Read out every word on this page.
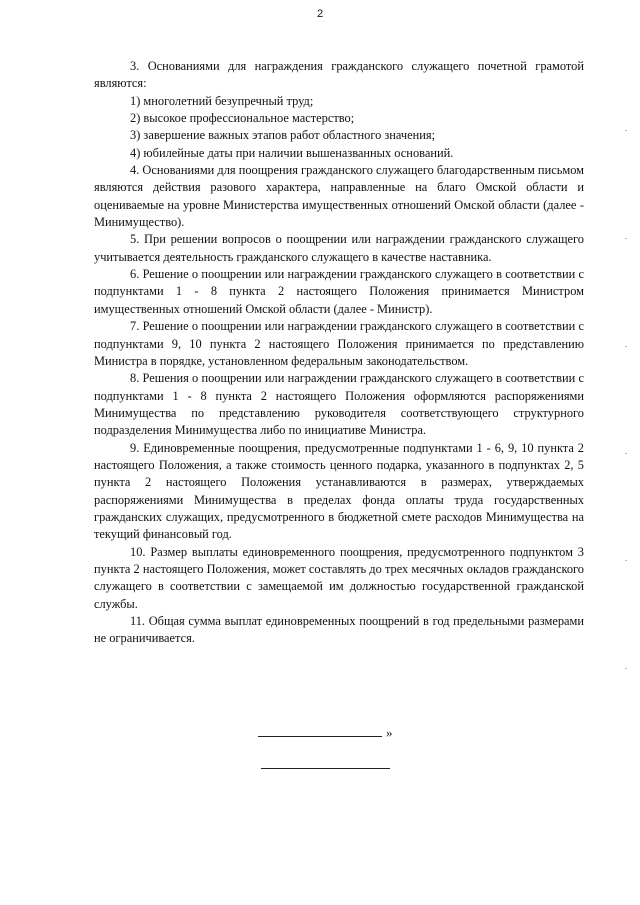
2

3. Основаниями для награждения гражданского служащего почетной грамотой являются:

1) многолетний безупречный труд;

2) высокое профессиональное мастерство;

3) завершение важных этапов работ областного значения;

4) юбилейные даты при наличии вышеназванных оснований.

4. Основаниями для поощрения гражданского служащего благодарственным письмом являются действия разового характера, направленные на благо Омской области и оцениваемые на уровне Министерства имущественных отношений Омской области (далее - Минимущество).

5. При решении вопросов о поощрении или награждении гражданского служащего учитывается деятельность гражданского служащего в качестве наставника.

6. Решение о поощрении или награждении гражданского служащего в соответствии с подпунктами 1 - 8 пункта 2 настоящего Положения принимается Министром имущественных отношений Омской области (далее - Министр).

7. Решение о поощрении или награждении гражданского служащего в соответствии с подпунктами 9, 10 пункта 2 настоящего Положения принимается по представлению Министра в порядке, установленном федеральным законодательством.

8. Решения о поощрении или награждении гражданского служащего в соответствии с подпунктами 1 - 8 пункта 2 настоящего Положения оформляются распоряжениями Минимущества по представлению руководителя соответствующего структурного подразделения Минимущества либо по инициативе Министра.

9. Единовременные поощрения, предусмотренные подпунктами 1 - 6, 9, 10 пункта 2 настоящего Положения, а также стоимость ценного подарка, указанного в подпунктах 2, 5 пункта 2 настоящего Положения устанавливаются в размерах, утверждаемых распоряжениями Минимущества в пределах фонда оплаты труда государственных гражданских служащих, предусмотренного в бюджетной смете расходов Минимущества на текущий финансовый год.

10. Размер выплаты единовременного поощрения, предусмотренного подпунктом 3 пункта 2 настоящего Положения, может составлять до трех месячных окладов гражданского служащего в соответствии с замещаемой им должностью государственной гражданской службы.

11. Общая сумма выплат единовременных поощрений в год предельными размерами не ограничивается.

»
